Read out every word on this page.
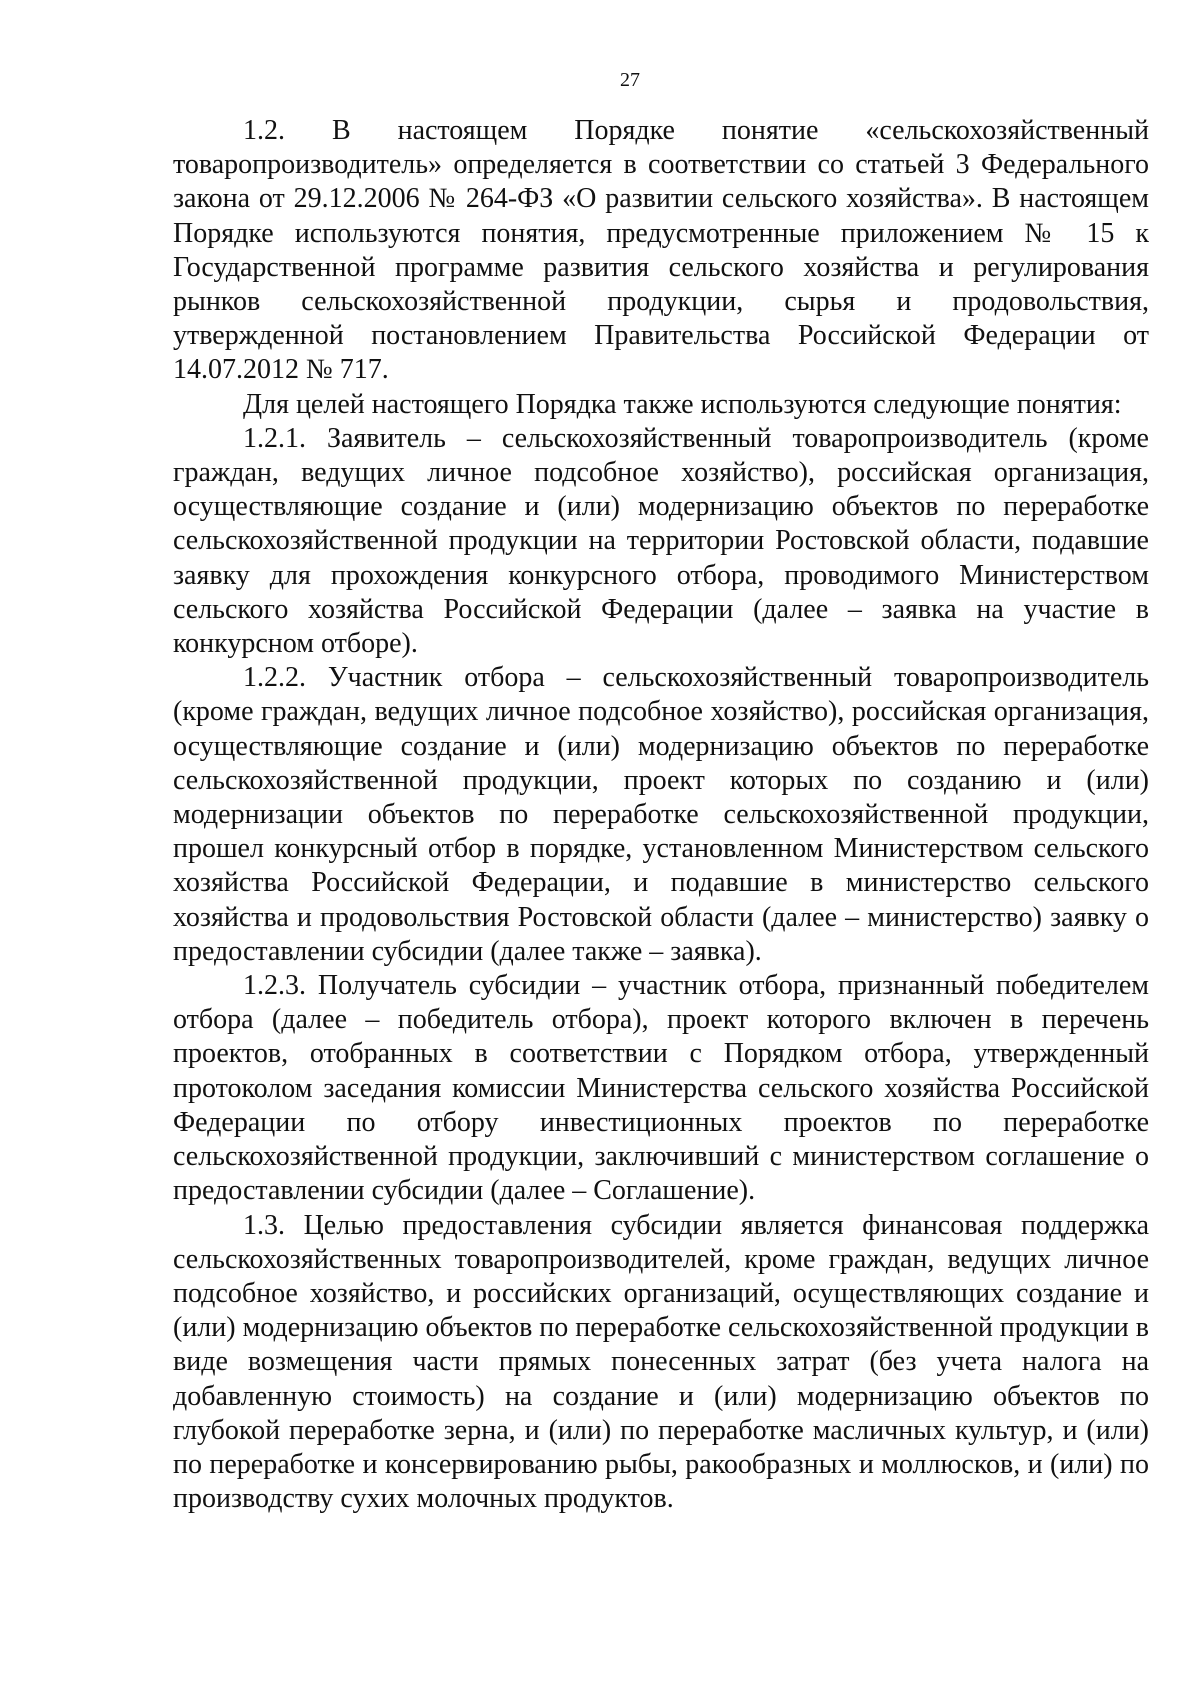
27

1.2. В настоящем Порядке понятие «сельскохозяйственный товаропроизводитель» определяется в соответствии со статьей 3 Федерального закона от 29.12.2006 № 264-ФЗ «О развитии сельского хозяйства». В настоящем Порядке используются понятия, предусмотренные приложением № 15 к Государственной программе развития сельского хозяйства и регулирования рынков сельскохозяйственной продукции, сырья и продовольствия, утвержденной постановлением Правительства Российской Федерации от 14.07.2012 № 717.

Для целей настоящего Порядка также используются следующие понятия:

1.2.1. Заявитель – сельскохозяйственный товаропроизводитель (кроме граждан, ведущих личное подсобное хозяйство), российская организация, осуществляющие создание и (или) модернизацию объектов по переработке сельскохозяйственной продукции на территории Ростовской области, подавшие заявку для прохождения конкурсного отбора, проводимого Министерством сельского хозяйства Российской Федерации (далее – заявка на участие в конкурсном отборе).

1.2.2. Участник отбора – сельскохозяйственный товаропроизводитель (кроме граждан, ведущих личное подсобное хозяйство), российская организация, осуществляющие создание и (или) модернизацию объектов по переработке сельскохозяйственной продукции, проект которых по созданию и (или) модернизации объектов по переработке сельскохозяйственной продукции, прошел конкурсный отбор в порядке, установленном Министерством сельского хозяйства Российской Федерации, и подавшие в министерство сельского хозяйства и продовольствия Ростовской области (далее – министерство) заявку о предоставлении субсидии (далее также – заявка).

1.2.3. Получатель субсидии – участник отбора, признанный победителем отбора (далее – победитель отбора), проект которого включен в перечень проектов, отобранных в соответствии с Порядком отбора, утвержденный протоколом заседания комиссии Министерства сельского хозяйства Российской Федерации по отбору инвестиционных проектов по переработке сельскохозяйственной продукции, заключивший с министерством соглашение о предоставлении субсидии (далее – Соглашение).

1.3. Целью предоставления субсидии является финансовая поддержка сельскохозяйственных товаропроизводителей, кроме граждан, ведущих личное подсобное хозяйство, и российских организаций, осуществляющих создание и (или) модернизацию объектов по переработке сельскохозяйственной продукции в виде возмещения части прямых понесенных затрат (без учета налога на добавленную стоимость) на создание и (или) модернизацию объектов по глубокой переработке зерна, и (или) по переработке масличных культур, и (или) по переработке и консервированию рыбы, ракообразных и моллюсков, и (или) по производству сухих молочных продуктов.
